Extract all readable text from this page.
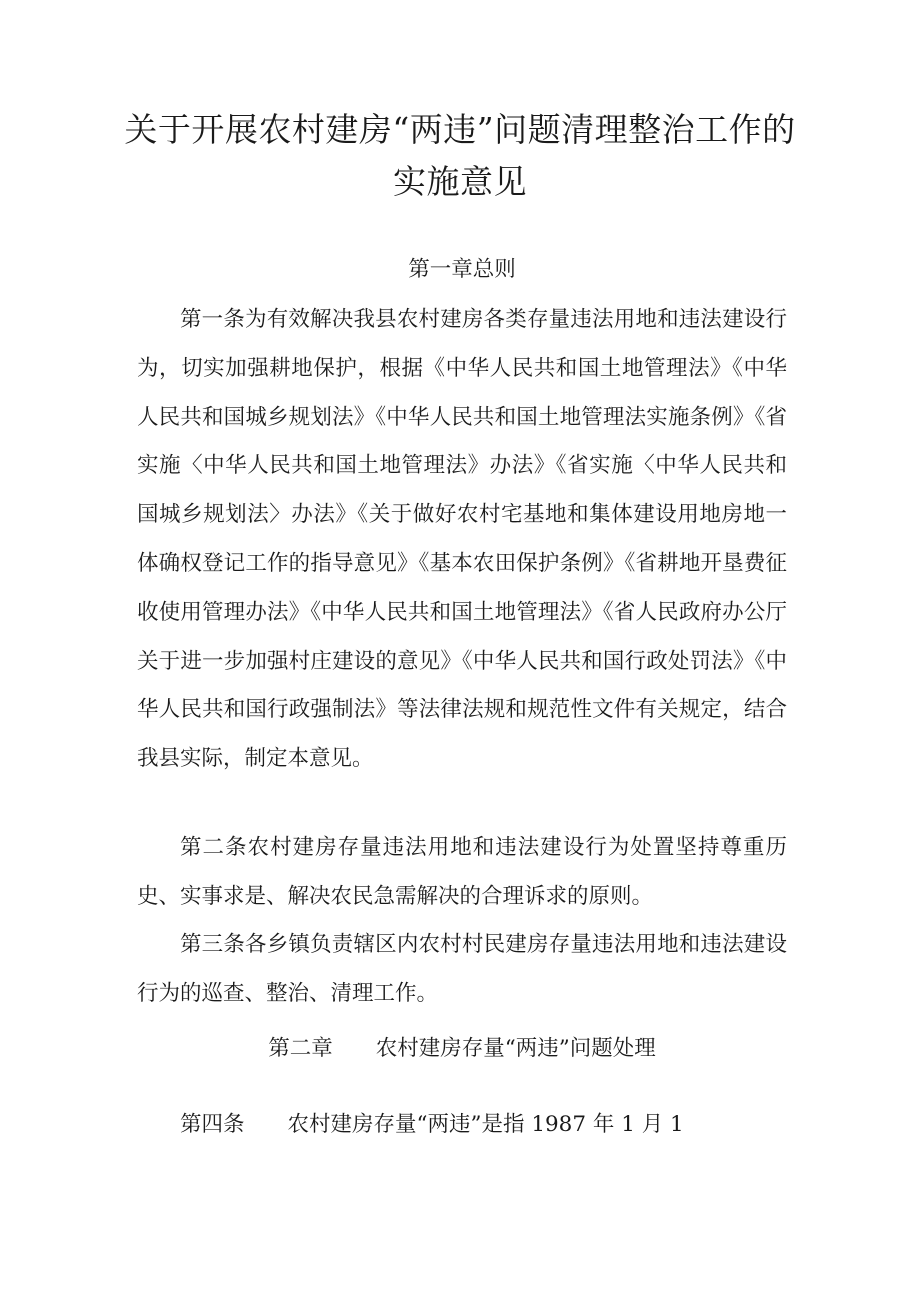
关于开展农村建房“两违”问题清理整治工作的实施意见

第一章总则

第一条为有效解决我县农村建房各类存量违法用地和违法建设行为，切实加强耕地保护，根据《中华人民共和国土地管理法》《中华人民共和国城乡规划法》《中华人民共和国土地管理法实施条例》《省实施〈中华人民共和国土地管理法》办法》《省实施〈中华人民共和国城乡规划法〉办法》《关于做好农村宅基地和集体建设用地房地一体确权登记工作的指导意见》《基本农田保护条例》《省耕地开垦费征收使用管理办法》《中华人民共和国土地管理法》《省人民政府办公厅关于进一步加强村庄建设的意见》《中华人民共和国行政处罚法》《中华人民共和国行政强制法》等法律法规和规范性文件有关规定，结合我县实际，制定本意见。

第二条农村建房存量违法用地和违法建设行为处置坚持尊重历史、实事求是、解决农民急需解决的合理诉求的原则。

第三条各乡镇负责辖区内农村村民建房存量违法用地和违法建设行为的巡查、整治、清理工作。

第二章　　农村建房存量“两违”问题处理

第四条　　农村建房存量“两违”是指 1987 年 1 月 1
